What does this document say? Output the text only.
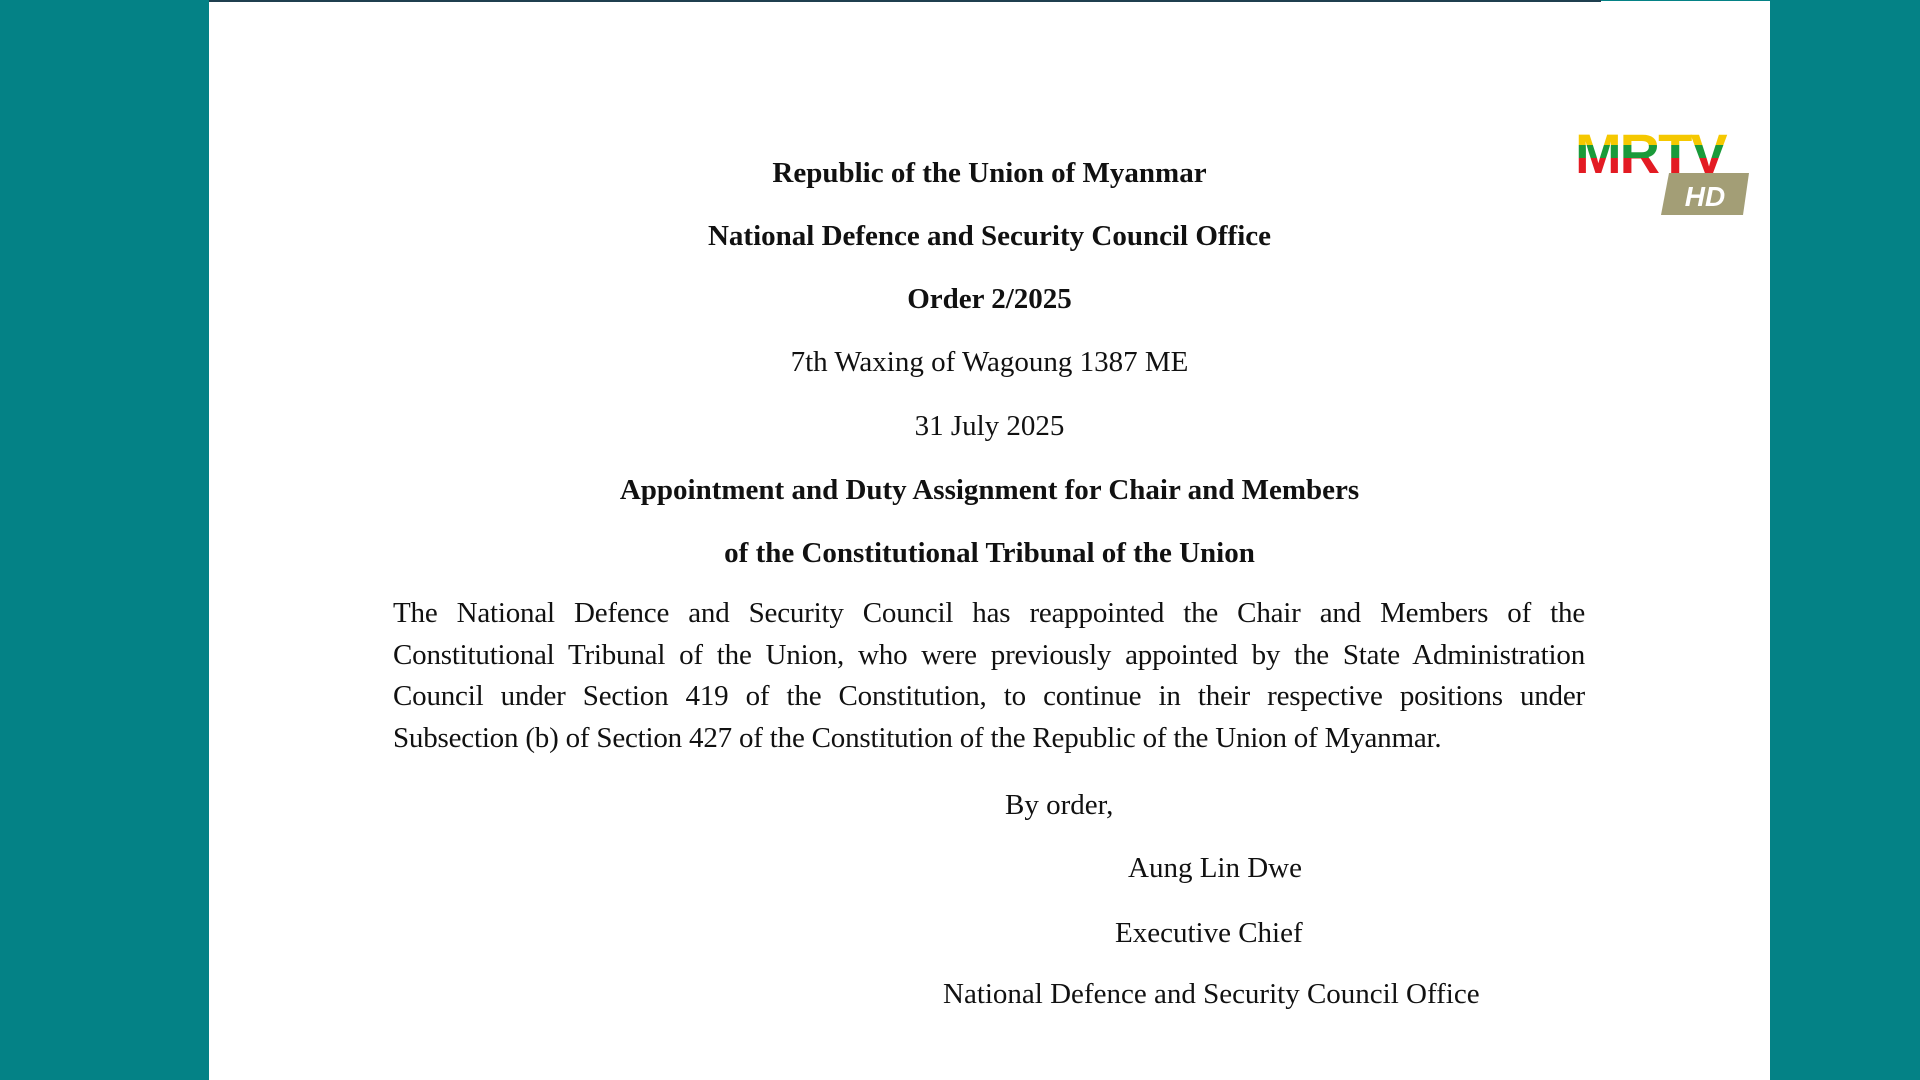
Republic of the Union of Myanmar
National Defence and Security Council Office
Order 2/2025
7th Waxing of Wagoung 1387 ME
31 July 2025
Appointment and Duty Assignment for Chair and Members
of the Constitutional Tribunal of the Union
The National Defence and Security Council has reappointed the Chair and Members of the Constitutional Tribunal of the Union, who were previously appointed by the State Administration Council under Section 419 of the Constitution, to continue in their respective positions under Subsection (b) of Section 427 of the Constitution of the Republic of the Union of Myanmar.
By order,
Aung Lin Dwe
Executive Chief
National Defence and Security Council Office
HD
